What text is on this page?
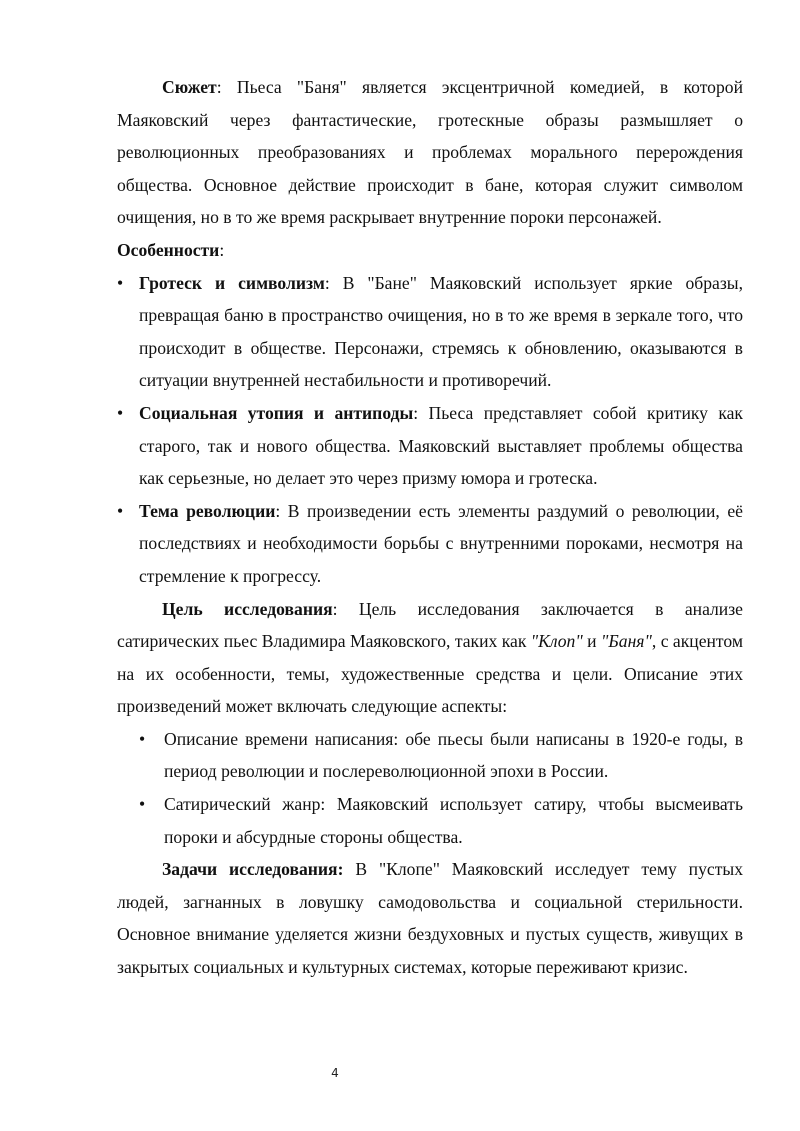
Сюжет: Пьеса "Баня" является эксцентричной комедией, в которой Маяковский через фантастические, гротескные образы размышляет о революционных преобразованиях и проблемах морального перерождения общества. Основное действие происходит в бане, которая служит символом очищения, но в то же время раскрывает внутренние пороки персонажей.

Особенности:

• Гротеск и символизм: В "Бане" Маяковский использует яркие образы, превращая баню в пространство очищения, но в то же время в зеркале того, что происходит в обществе. Персонажи, стремясь к обновлению, оказываются в ситуации внутренней нестабильности и противоречий.
• Социальная утопия и антиподы: Пьеса представляет собой критику как старого, так и нового общества. Маяковский выставляет проблемы общества как серьезные, но делает это через призму юмора и гротеска.
• Тема революции: В произведении есть элементы раздумий о революции, её последствиях и необходимости борьбы с внутренними пороками, несмотря на стремление к прогрессу.

Цель исследования: Цель исследования заключается в анализе сатирических пьес Владимира Маяковского, таких как "Клоп" и "Баня", с акцентом на их особенности, темы, художественные средства и цели. Описание этих произведений может включать следующие аспекты:

•	Описание времени написания: обе пьесы были написаны в 1920-е годы, в период революции и послереволюционной эпохи в России.
•	Сатирический жанр: Маяковский использует сатиру, чтобы высмеивать пороки и абсурдные стороны общества.

Задачи исследования: В "Клопе" Маяковский исследует тему пустых людей, загнанных в ловушку самодовольства и социальной стерильности. Основное внимание уделяется жизни бездуховных и пустых существ, живущих в закрытых социальных и культурных системах, которые переживают кризис.

4
